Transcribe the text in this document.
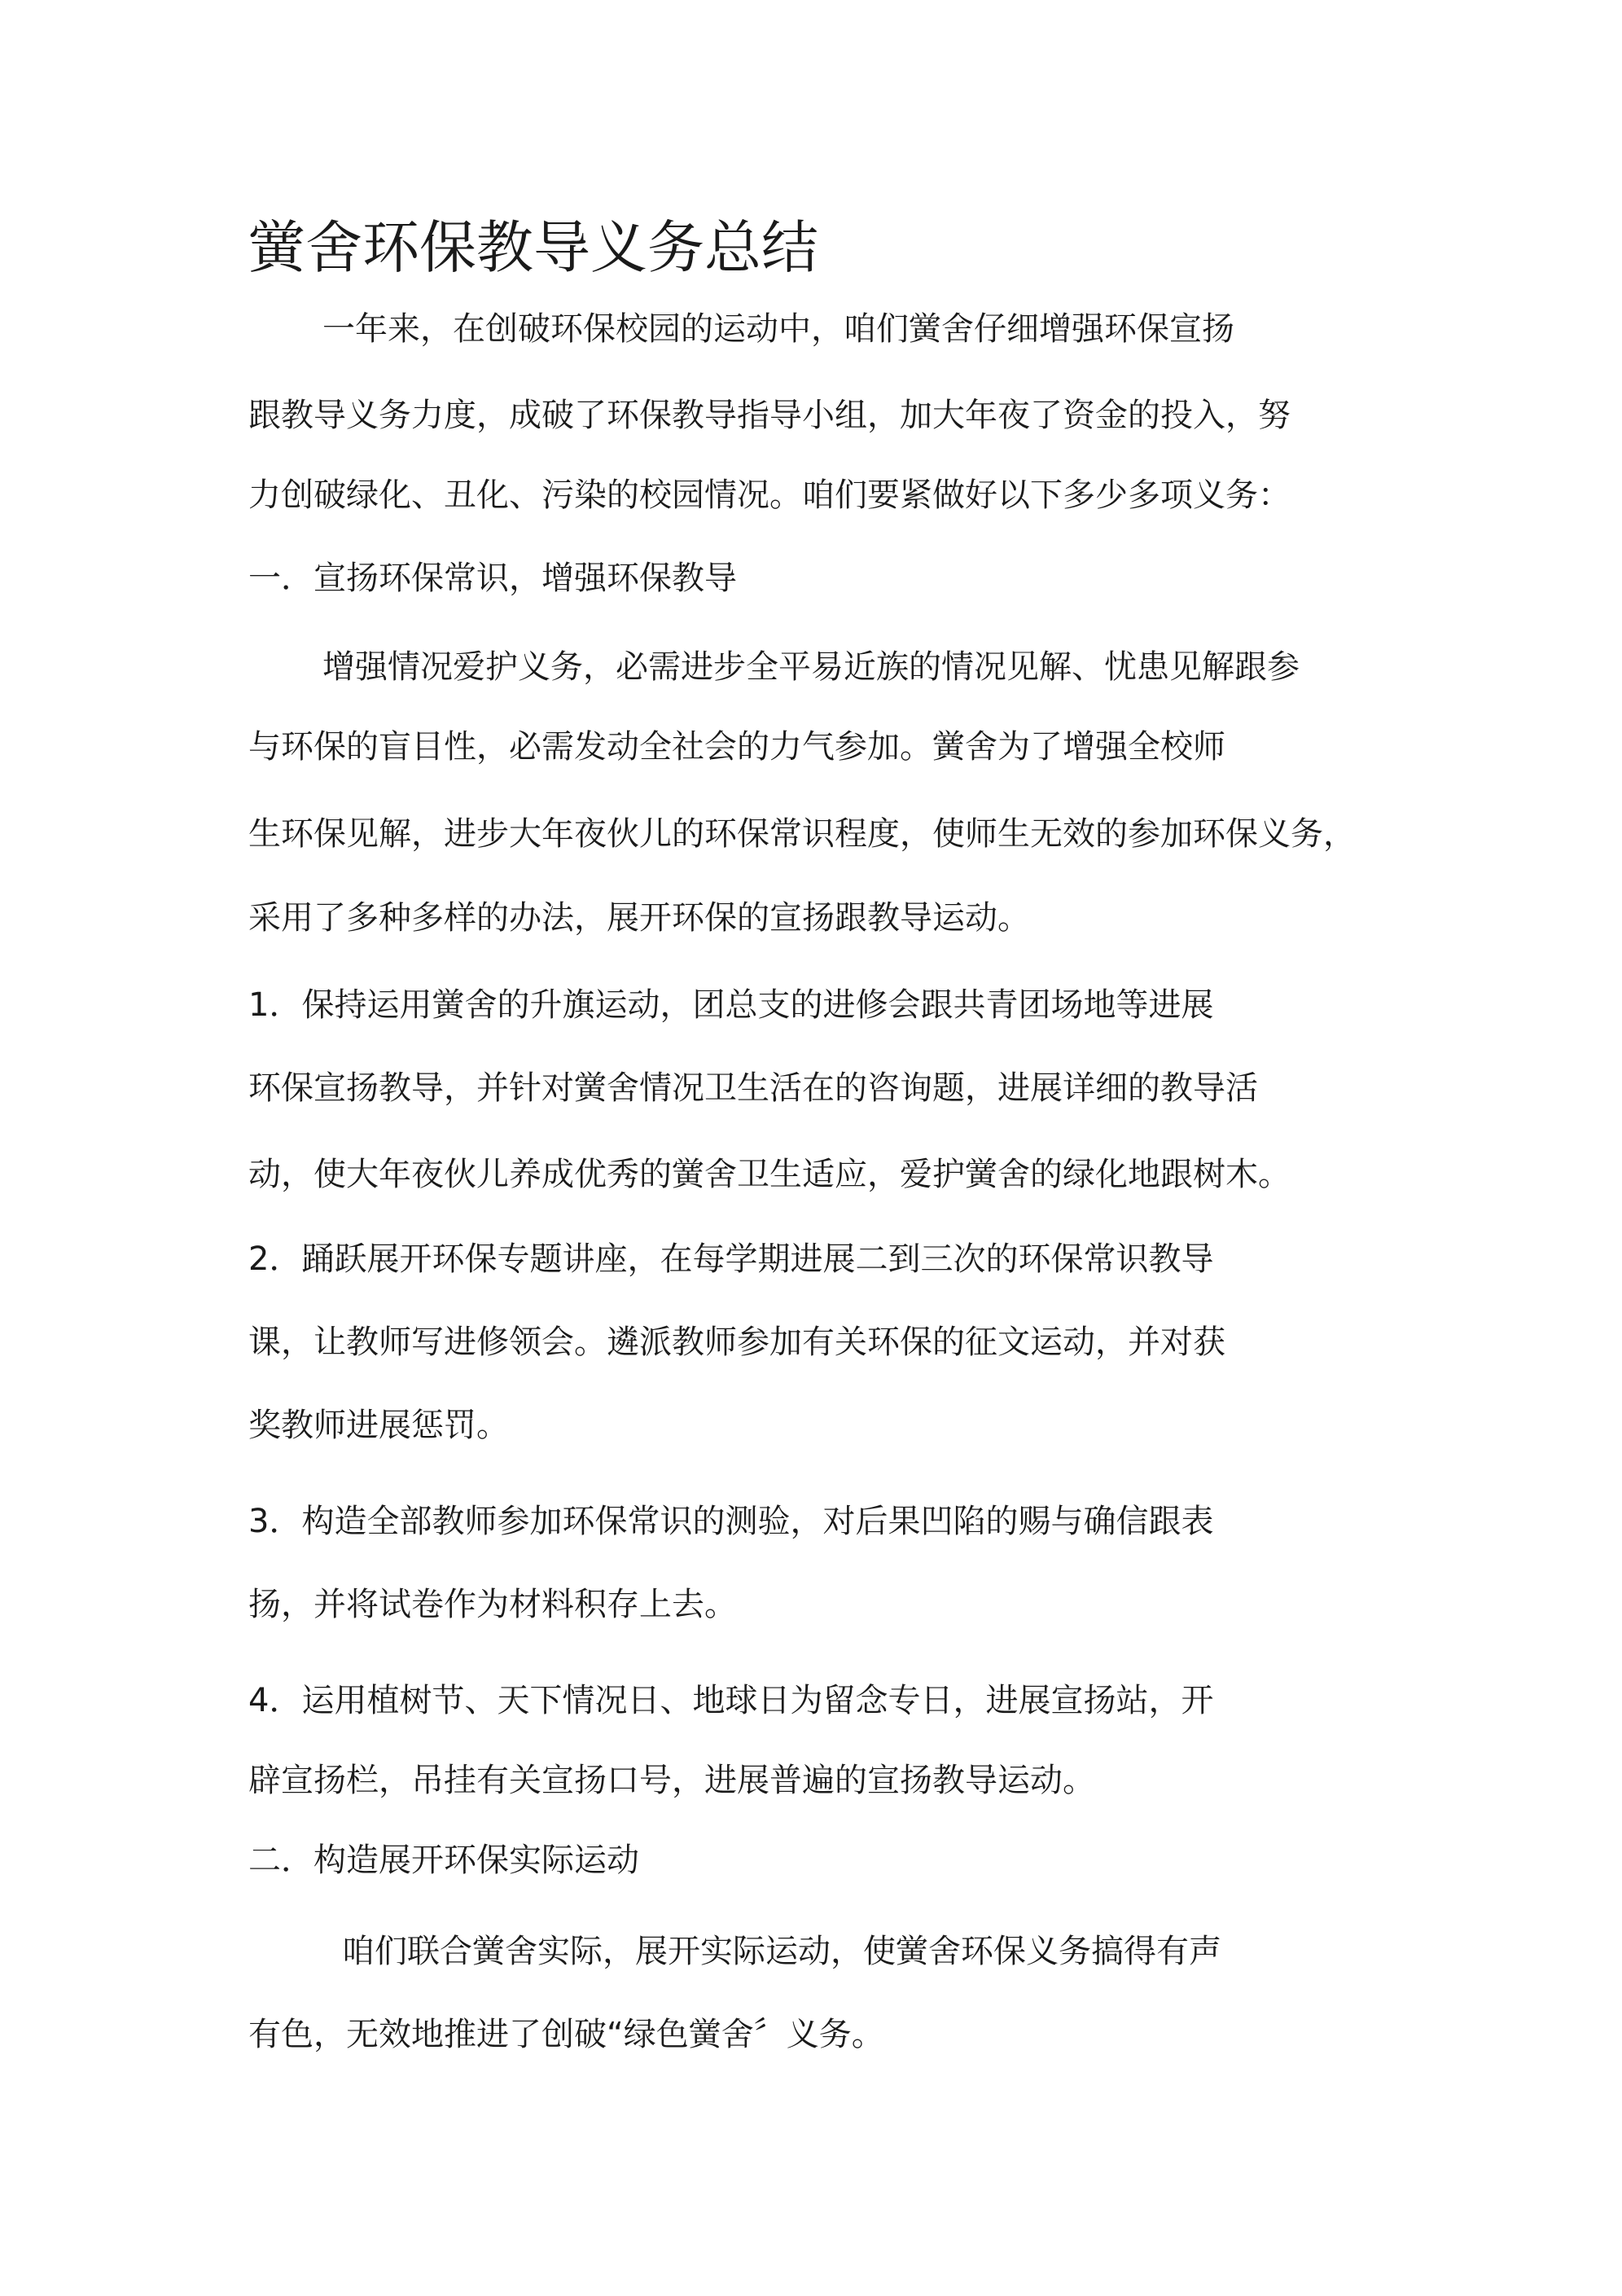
黉舍环保教导义务总结

一年来，在创破环保校园的运动中，咱们黉舍仔细增强环保宣扬

跟教导义务力度，成破了环保教导指导小组，加大年夜了资金的投入，努

力创破绿化、丑化、污染的校园情况。咱们要紧做好以下多少多项义务：

一．宣扬环保常识，增强环保教导

增强情况爱护义务，必需进步全平易近族的情况见解、忧患见解跟参

与环保的盲目性，必需发动全社会的力气参加。黉舍为了增强全校师

生环保见解，进步大年夜伙儿的环保常识程度，使师生无效的参加环保义务，

采用了多种多样的办法，展开环保的宣扬跟教导运动。

1．保持运用黉舍的升旗运动，团总支的进修会跟共青团场地等进展

环保宣扬教导，并针对黉舍情况卫生活在的咨询题，进展详细的教导活

动，使大年夜伙儿养成优秀的黉舍卫生适应，爱护黉舍的绿化地跟树木。

2．踊跃展开环保专题讲座，在每学期进展二到三次的环保常识教导

课，让教师写进修领会。遴派教师参加有关环保的征文运动，并对获

奖教师进展惩罚。

3．构造全部教师参加环保常识的测验，对后果凹陷的赐与确信跟表

扬，并将试卷作为材料积存上去。

4．运用植树节、天下情况日、地球日为留念专日，进展宣扬站，开

辟宣扬栏，吊挂有关宣扬口号，进展普遍的宣扬教导运动。

二．构造展开环保实际运动

咱们联合黉舍实际，展开实际运动，使黉舍环保义务搞得有声

有色，无效地推进了创破“绿色黉舍〞义务。
